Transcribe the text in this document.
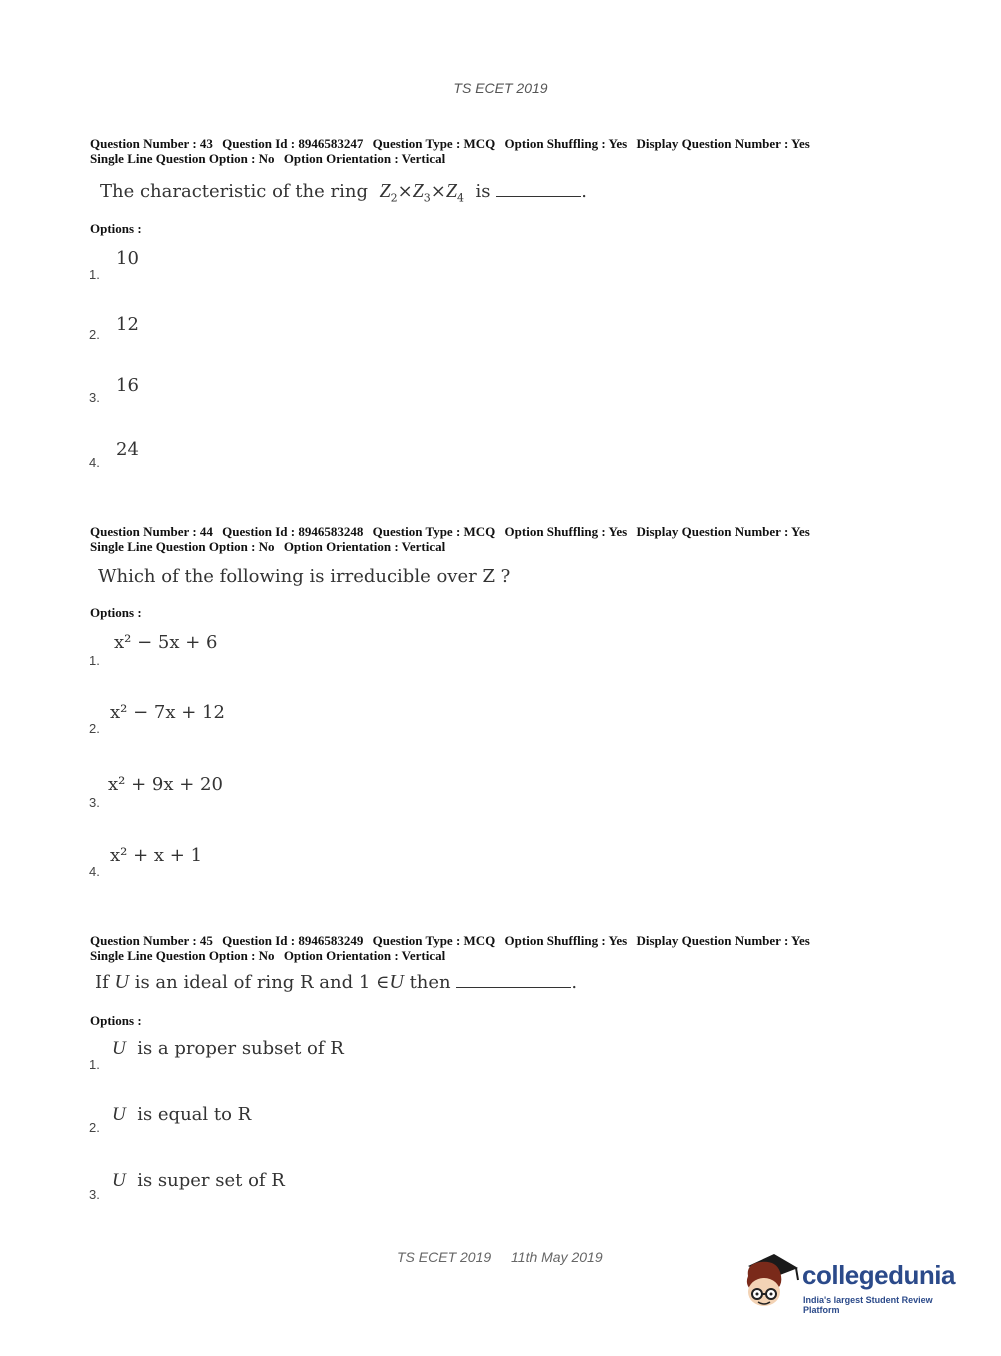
TS ECET 2019
Question Number : 43 Question Id : 8946583247 Question Type : MCQ Option Shuffling : Yes Display Question Number : Yes
Single Line Question Option : No Option Orientation : Vertical
The characteristic of the ring $Z_2\times Z_3\times Z_4$ is	.
Options :
1.
10
2. 12
3.
16
4.
24
Question Number : 44 Question Id : 8946583248 Question Type : MCQ Option Shuffling : Yes Display Question Number : Yes
Single Line Question Option : No Option Orientation : Vertical
Which of the following is irreducible over Z ?
Options :
1.
x² − 5x + 6
2.
x² − 7x + 12
3.
x² + 9x + 20
4.
x² + x + 1
Question Number : 45 Question Id : 8946583249 Question Type : MCQ Option Shuffling : Yes Display Question Number : Yes
Single Line Question Option : No Option Orientation : Vertical
If U is an ideal of ring R and 1 ∈U then	.
Options :
1.
U is a proper subset of R
2.
U is equal to R
3.
U is super set of R
TS ECET 2019 11th May 2019
collegedunia
India's largest Student Review Platform
